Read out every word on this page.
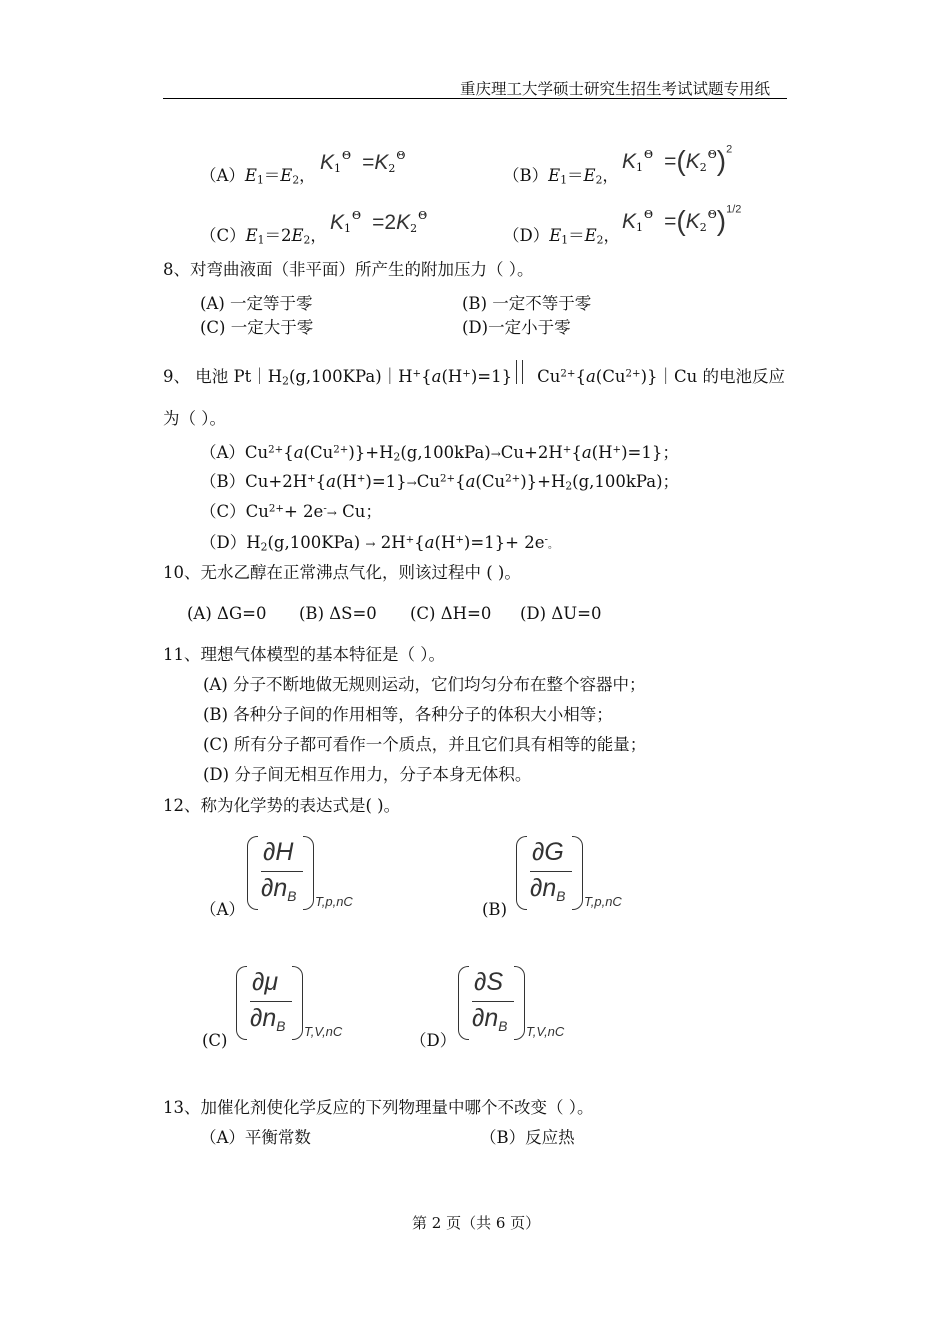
重庆理工大学硕士研究生招生考试试题专用纸
$(A)E_1=E_2$，
$K_1^\Theta =K_2^\Theta$
$(B)E_1=E_2$，
$K_1^\Theta =(K_2^\Theta)^2$
$(C)E_1=2E_2$，
$K_1^\Theta =2K_2^\Theta$
$(D)E_1=E_2$，
$K_1^\Theta =(K_2^\Theta)^{1/2}$
8、对弯曲液面（非平面）所产生的附加压力（ ）。
(A) 一定等于零	(B) 一定不等于零
(C) 一定大于零	(D)一定小于零
9、 电池 $Pt|H_2(g,100KPa)|H^+\{a(H^+)=1\}$ $Cu^{2+}\{a(Cu^{2+})\}|Cu$ 的电池反应
为（ ）。
$(A)Cu^{2+}\{a(Cu^{2+})\}+H_2(g,100kPa)\to Cu+2H^+\{a(H^+)=1\}$；
$(B)Cu+2H^+\{a(H^+)=1\}\to Cu^{2+}\{a(Cu^{2+})\}+H_2(g,100kPa)$；
$(C)Cu^{2+}+ 2e^-\to Cu$；
$(D)H_2(g,100KPa) \to 2H^+\{a(H^+)=1\}+ 2e^-$。
10、无水乙醇在正常沸点气化，则该过程中 ( )。
(A) ΔG=0 (B) ΔS=0 (C) ΔH=0 (D) ΔU=0
11、理想气体模型的基本特征是（ ）。
(A) 分子不断地做无规则运动，它们均匀分布在整个容器中；
(B) 各种分子间的作用相等，各种分子的体积大小相等；
(C) 所有分子都可看作一个质点，并且它们具有相等的能量；
(D) 分子间无相互作用力，分子本身无体积。
12、称为化学势的表达式是( )。
（A）
∂H
$\partial n_B$ T,p,nC	(B)
∂G
$\partial n_B$ T,p,nC
(C)
∂μ
$\partial n_B$ T,V,nC	（D）
∂S
$\partial n_B$ T,V,nC
13、加催化剂使化学反应的下列物理量中哪个不改变（ ）。
（A）平衡常数	（B）反应热
第 2 页（共 6 页）
